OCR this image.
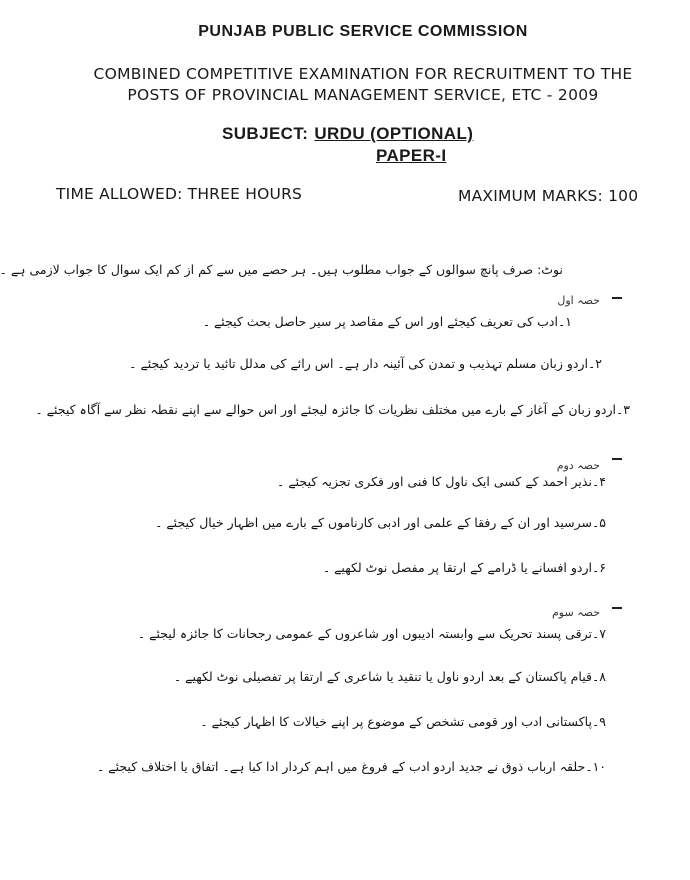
PUNJAB PUBLIC SERVICE COMMISSION
COMBINED COMPETITIVE EXAMINATION FOR RECRUITMENT TO THE
POSTS OF PROVINCIAL MANAGEMENT SERVICE, ETC - 2009
SUBJECT: URDU (OPTIONAL)
PAPER-I
TIME ALLOWED: THREE HOURS	MAXIMUM MARKS: 100
نوٹ: صرف پانچ سوالوں کے جواب مطلوب ہیں۔ ہر حصے میں سے کم از کم ایک سوال کا جواب لازمی ہے ۔
حصہ اول
۱۔ادب کی تعریف کیجئے اور اس کے مقاصد پر سیر حاصل بحث کیجئے ۔
۲۔اردو زبان مسلم تہذیب و تمدن کی آئینہ دار ہے۔ اس رائے کی مدلل تائید یا تردید کیجئے ۔
۳۔اردو زبان کے آغاز کے بارے میں مختلف نظریات کا جائزہ لیجئے اور اس حوالے سے اپنے نقطہ نظر سے آگاہ کیجئے ۔
حصہ دوم
۴۔نذیر احمد کے کسی ایک ناول کا فنی اور فکری تجزیہ کیجئے ۔
۵۔سرسید اور ان کے رفقا کے علمی اور ادبی کارناموں کے بارے میں اظہار خیال کیجئے ۔
۶۔اردو افسانے یا ڈرامے کے ارتقا پر مفصل نوٹ لکھیے ۔
حصہ سوم
۷۔ترقی پسند تحریک سے وابستہ ادیبوں اور شاعروں کے عمومی رجحانات کا جائزہ لیجئے ۔
۸۔قیام پاکستان کے بعد اردو ناول یا تنقید یا شاعری کے ارتقا پر تفصیلی نوٹ لکھیے ۔
۹۔پاکستانی ادب اور قومی تشخص کے موضوع پر اپنے خیالات کا اظہار کیجئے ۔
۱۰۔حلقہ ارباب ذوق نے جدید اردو ادب کے فروغ میں اہم کردار ادا کیا ہے۔ اتفاق یا اختلاف کیجئے ۔
